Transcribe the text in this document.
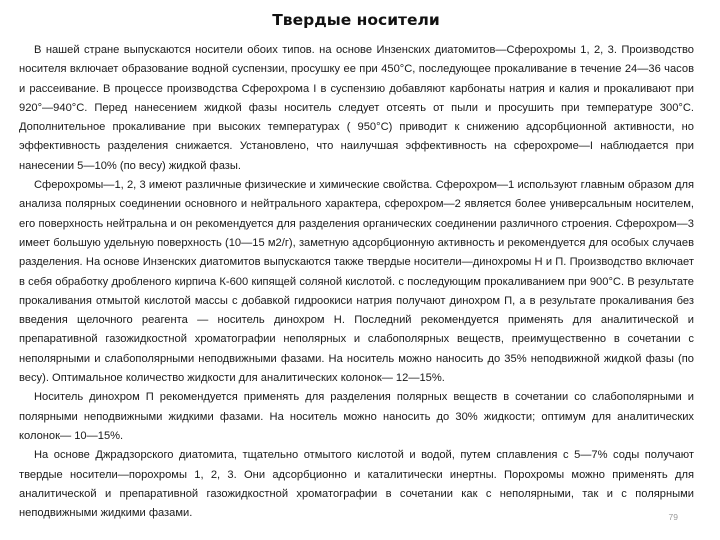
Твердые носители

В нашей стране выпускаются носители обоих типов. на основе Инзенских диатомитов—Сферохромы 1, 2, 3. Производство носителя включает образование водной суспензии, просушку ее при 450°С, последующее прокаливание в течение 24—36 часов и рассеивание. В процессе производства Сферохрома I в суспензию добавляют карбонаты натрия и калия и прокаливают при 920°—940°С. Перед нанесением жидкой фазы носитель следует отсеять от пыли и просушить при температуре 300°С. Дополнительное прокаливание при высоких температурах ( 950°С) приводит к снижению адсорбционной активности, но эффективность разделения снижается. Установлено, что наилучшая эффективность на сферохроме—I наблюдается при нанесении 5—10% (по весу) жидкой фазы.

Сферохромы—1, 2, 3 имеют различные физические и химические свойства. Сферохром—1 используют главным образом для анализа полярных соединении основного и нейтрального характера, сферохром—2 является более универсальным носителем, его поверхность нейтральна и он рекомендуется для разделения органических соединении различного строения. Сферохром—3 имеет большую удельную поверхность (10—15 м2/г), заметную адсорбционную активность и рекомендуется для особых случаев разделения. На основе Инзенских диатомитов выпускаются также твердые носители—динохромы Н и П. Производство включает в себя обработку дробленого кирпича К-600 кипящей соляной кислотой. с последующим прокаливанием при 900°С. В результате прокаливания отмытой кислотой массы с добавкой гидроокиси натрия получают динохром П, а в результате прокаливания без введения щелочного реагента — носитель динохром Н. Последний рекомендуется применять для аналитической и препаративной газожидкостной хроматографии неполярных и слабополярных веществ, преимущественно в сочетании с неполярными и слабополярными неподвижными фазами. На носитель можно наносить до 35% неподвижной жидкой фазы (по весу). Оптимальное количество жидкости для аналитических колонок— 12—15%.

Носитель динохром П рекомендуется применять для разделения полярных веществ в сочетании со слабополярными и полярными неподвижными жидкими фазами. На носитель можно наносить до 30% жидкости; оптимум для аналитических колонок— 10—15%.

На основе Джрадзорского диатомита, тщательно отмытого кислотой и водой, путем сплавления с 5—7% соды получают твердые носители—порохромы 1, 2, 3. Они адсорбционно и каталитически инертны. Порохромы можно применять для аналитической и препаративной газожидкостной хроматографии в сочетании как с неполярными, так и с полярными неподвижными жидкими фазами.	79
